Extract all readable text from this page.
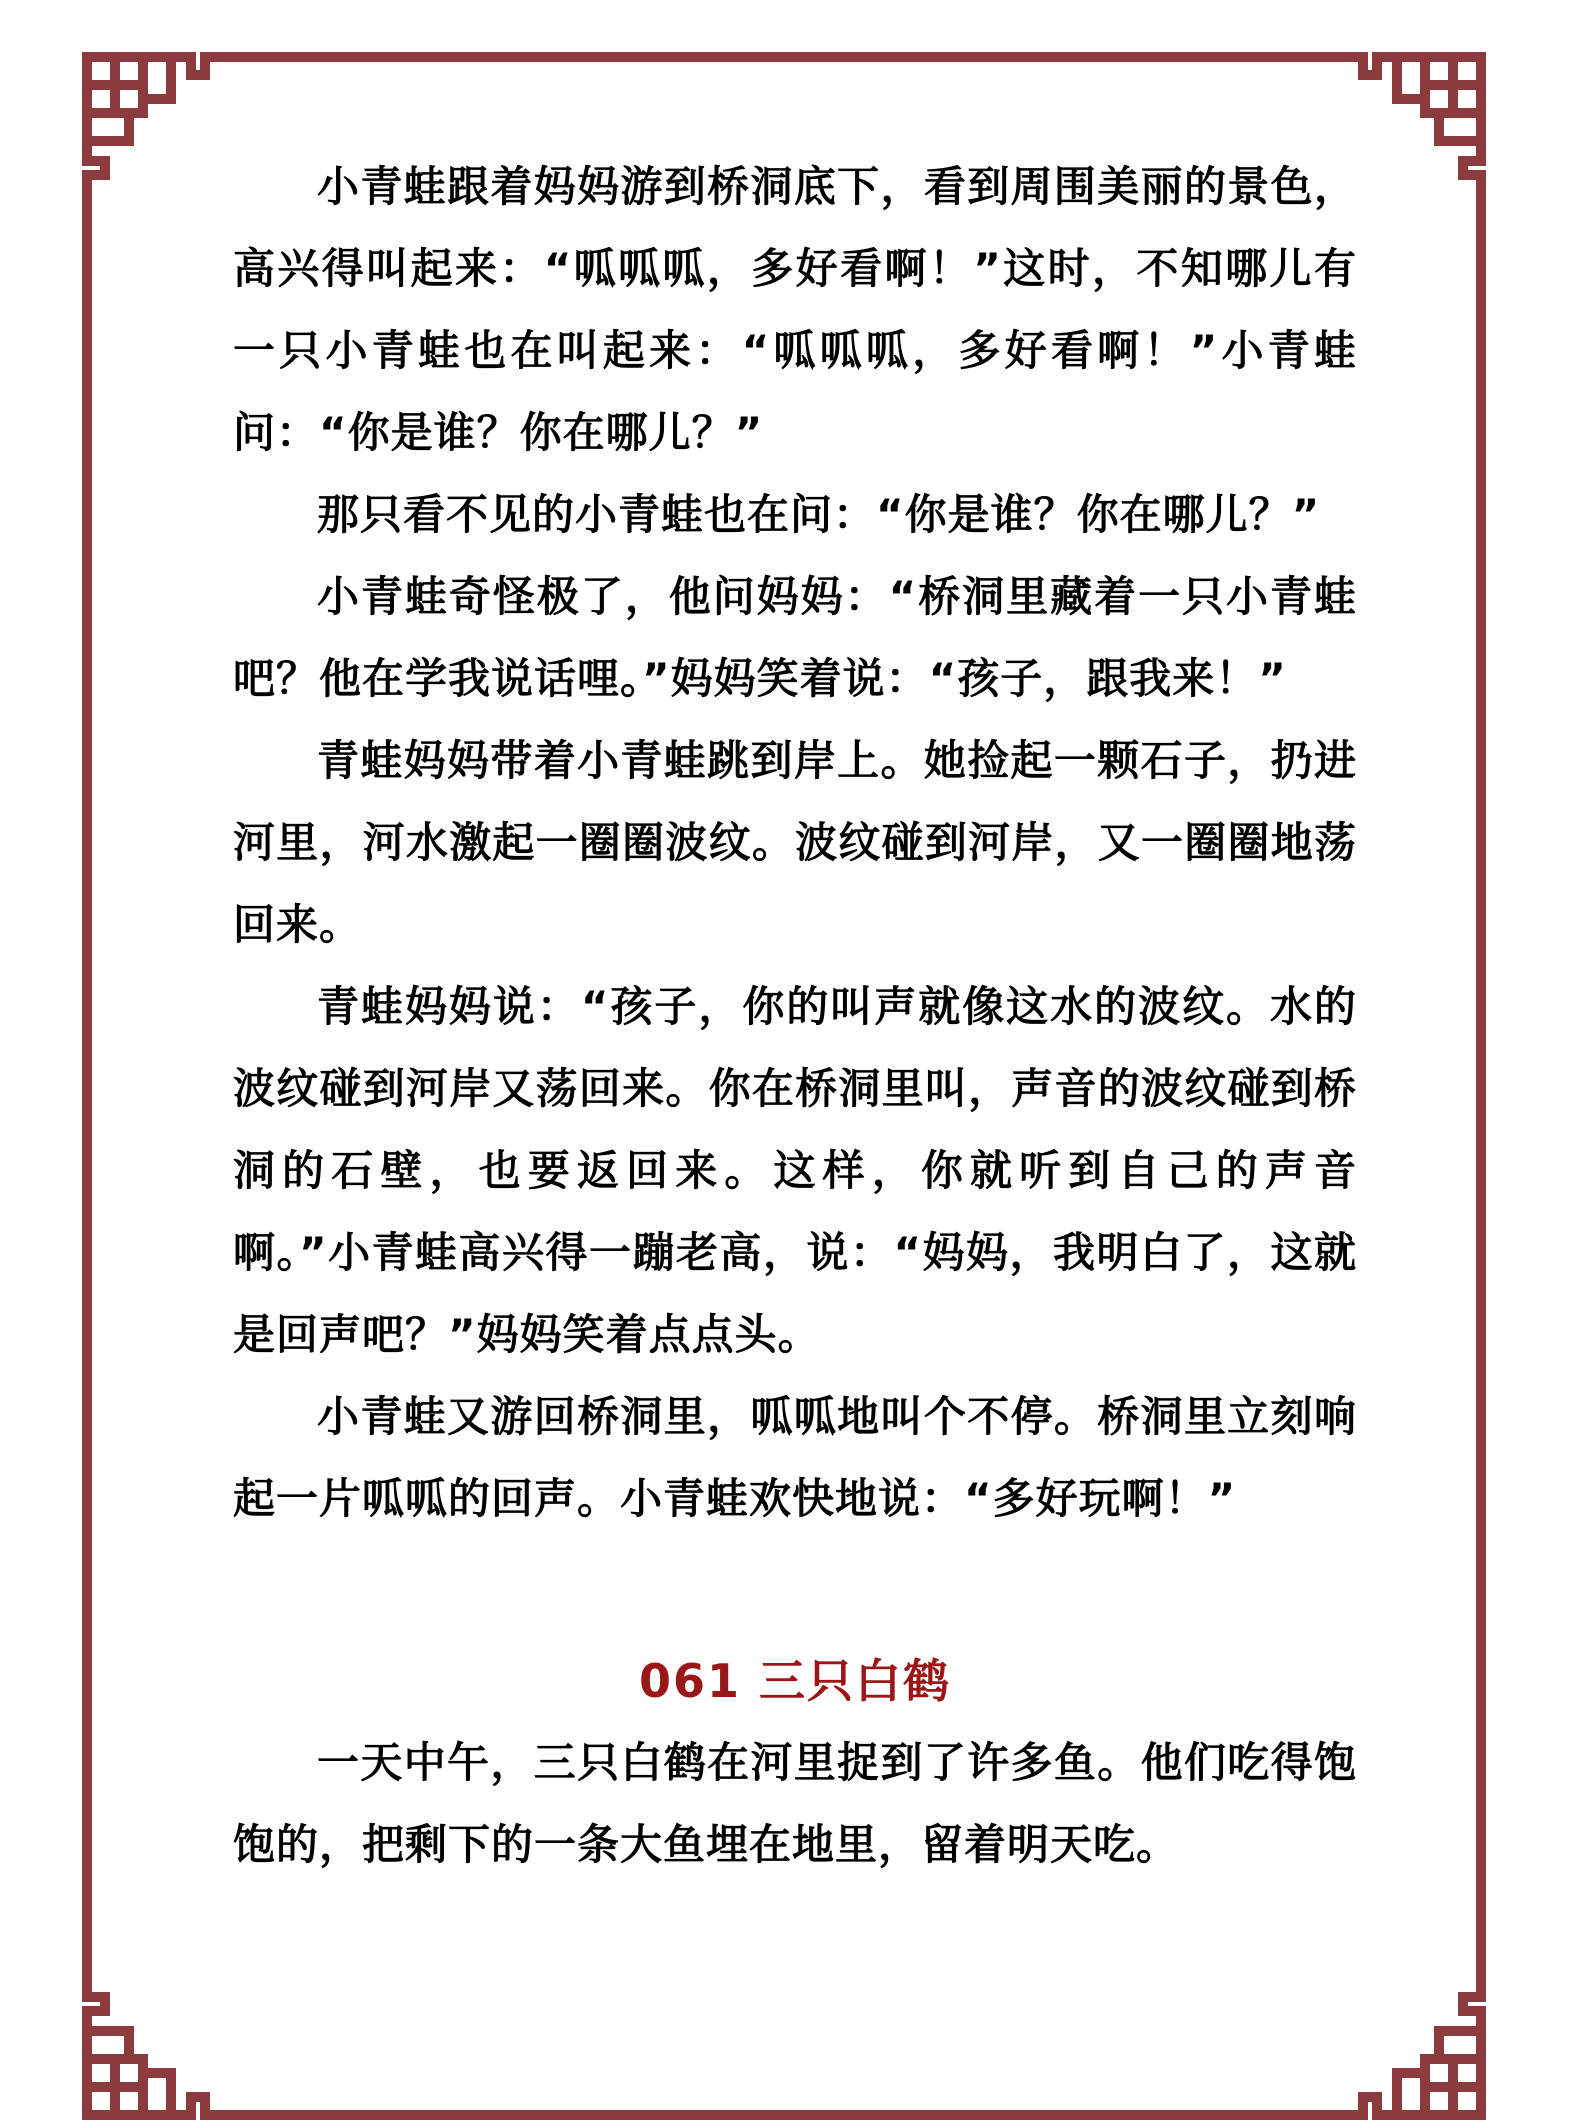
小青蛙跟着妈妈游到桥洞底下，看到周围美丽的景色，高兴得叫起来：“呱呱呱，多好看啊！”这时，不知哪儿有一只小青蛙也在叫起来：“呱呱呱，多好看啊！”小青蛙问：“你是谁？你在哪儿？”

那只看不见的小青蛙也在问：“你是谁？你在哪儿？”

小青蛙奇怪极了，他问妈妈：“桥洞里藏着一只小青蛙吧？他在学我说话哩。”妈妈笑着说：“孩子，跟我来！”

青蛙妈妈带着小青蛙跳到岸上。她捡起一颗石子，扔进河里，河水激起一圈圈波纹。波纹碰到河岸，又一圈圈地荡回来。

青蛙妈妈说：“孩子，你的叫声就像这水的波纹。水的波纹碰到河岸又荡回来。你在桥洞里叫，声音的波纹碰到桥洞的石壁，也要返回来。这样，你就听到自己的声音啊。”小青蛙高兴得一蹦老高，说：“妈妈，我明白了，这就是回声吧？”妈妈笑着点点头。

小青蛙又游回桥洞里，呱呱地叫个不停。桥洞里立刻响起一片呱呱的回声。小青蛙欢快地说：“多好玩啊！”

061 三只白鹤

一天中午，三只白鹤在河里捉到了许多鱼。他们吃得饱饱的，把剩下的一条大鱼埋在地里，留着明天吃。
